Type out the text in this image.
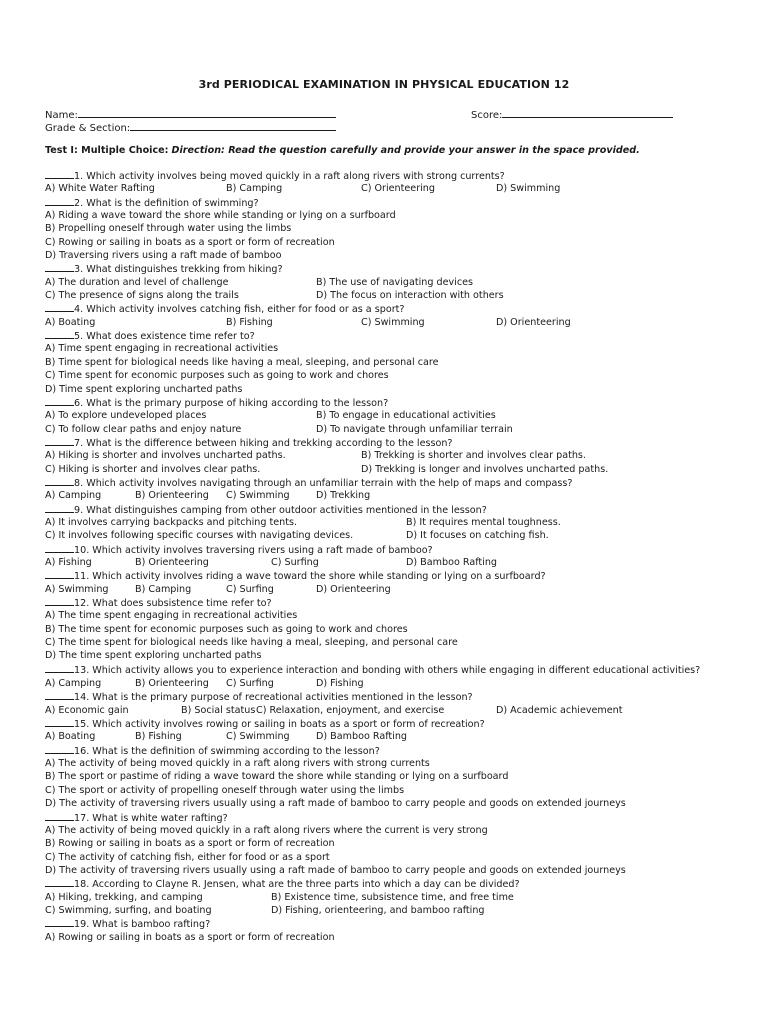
3rd PERIODICAL EXAMINATION IN PHYSICAL EDUCATION 12
Name:	Score:
Grade & Section:
Test I: Multiple Choice: Direction: Read the question carefully and provide your answer in the space provided.
1. Which activity involves being moved quickly in a raft along rivers with strong currents?
A) White Water Rafting	B) Camping	C) Orienteering	D) Swimming
2. What is the definition of swimming?
A) Riding a wave toward the shore while standing or lying on a surfboard
B) Propelling oneself through water using the limbs
C) Rowing or sailing in boats as a sport or form of recreation
D) Traversing rivers using a raft made of bamboo
3. What distinguishes trekking from hiking?
A) The duration and level of challenge	B) The use of navigating devices
C) The presence of signs along the trails	D) The focus on interaction with others
4. Which activity involves catching fish, either for food or as a sport?
A) Boating	B) Fishing	C) Swimming	D) Orienteering
5. What does existence time refer to?
A) Time spent engaging in recreational activities
B) Time spent for biological needs like having a meal, sleeping, and personal care
C) Time spent for economic purposes such as going to work and chores
D) Time spent exploring uncharted paths
6. What is the primary purpose of hiking according to the lesson?
A) To explore undeveloped places	B) To engage in educational activities
C) To follow clear paths and enjoy nature	D) To navigate through unfamiliar terrain
7. What is the difference between hiking and trekking according to the lesson?
A) Hiking is shorter and involves uncharted paths.	B) Trekking is shorter and involves clear paths.
C) Hiking is shorter and involves clear paths.	D) Trekking is longer and involves uncharted paths.
8. Which activity involves navigating through an unfamiliar terrain with the help of maps and compass?
A) Camping	B) Orienteering C) Swimming	D) Trekking
9. What distinguishes camping from other outdoor activities mentioned in the lesson?
A) It involves carrying backpacks and pitching tents.	B) It requires mental toughness.
C) It involves following specific courses with navigating devices.	D) It focuses on catching fish.
10. Which activity involves traversing rivers using a raft made of bamboo?
A) Fishing	B) Orienteering	C) Surfing	D) Bamboo Rafting
11. Which activity involves riding a wave toward the shore while standing or lying on a surfboard?
A) Swimming	B) Camping	C) Surfing	D) Orienteering
12. What does subsistence time refer to?
A) The time spent engaging in recreational activities
B) The time spent for economic purposes such as going to work and chores
C) The time spent for biological needs like having a meal, sleeping, and personal care
D) The time spent exploring uncharted paths
13. Which activity allows you to experience interaction and bonding with others while engaging in different educational activities?
A) Camping	B) Orienteering C) Surfing	D) Fishing
14. What is the primary purpose of recreational activities mentioned in the lesson?
A) Economic gain	B) Social status C) Relaxation, enjoyment, and exercise	D) Academic achievement
15. Which activity involves rowing or sailing in boats as a sport or form of recreation?
A) Boating	B) Fishing	C) Swimming	D) Bamboo Rafting
16. What is the definition of swimming according to the lesson?
A) The activity of being moved quickly in a raft along rivers with strong currents
B) The sport or pastime of riding a wave toward the shore while standing or lying on a surfboard
C) The sport or activity of propelling oneself through water using the limbs
D) The activity of traversing rivers usually using a raft made of bamboo to carry people and goods on extended journeys
17. What is white water rafting?
A) The activity of being moved quickly in a raft along rivers where the current is very strong
B) Rowing or sailing in boats as a sport or form of recreation
C) The activity of catching fish, either for food or as a sport
D) The activity of traversing rivers usually using a raft made of bamboo to carry people and goods on extended journeys
18. According to Clayne R. Jensen, what are the three parts into which a day can be divided?
A) Hiking, trekking, and camping	B) Existence time, subsistence time, and free time
C) Swimming, surfing, and boating	D) Fishing, orienteering, and bamboo rafting
19. What is bamboo rafting?
A) Rowing or sailing in boats as a sport or form of recreation
